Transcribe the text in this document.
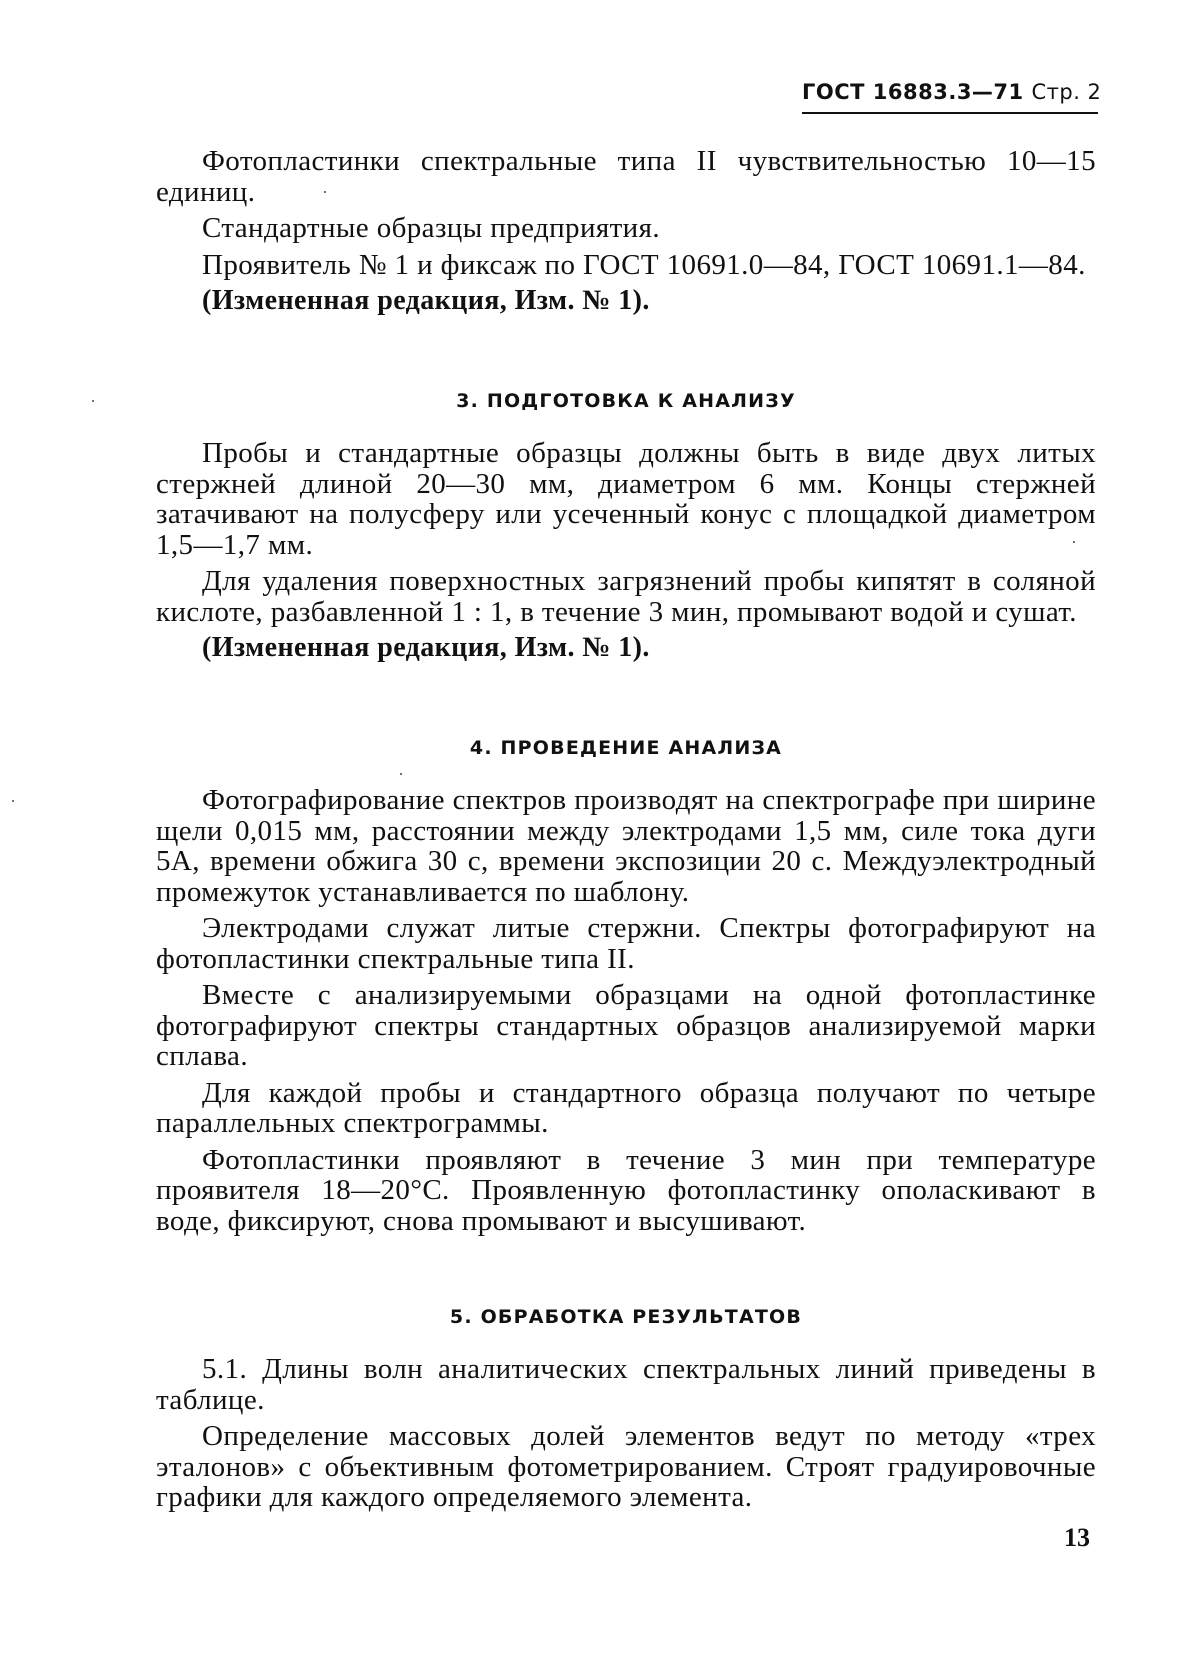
ГОСТ 16883.3—71 Стр. 2

Фотопластинки спектральные типа II чувствительностью 10—15 единиц.

Стандартные образцы предприятия.

Проявитель № 1 и фиксаж по ГОСТ 10691.0—84, ГОСТ 10691.1—84.

(Измененная редакция, Изм. № 1).

3. ПОДГОТОВКА К АНАЛИЗУ

Пробы и стандартные образцы должны быть в виде двух литых стержней длиной 20—30 мм, диаметром 6 мм. Концы стержней затачивают на полусферу или усеченный конус с площадкой диаметром 1,5—1,7 мм.

Для удаления поверхностных загрязнений пробы кипятят в соляной кислоте, разбавленной 1 : 1, в течение 3 мин, промывают водой и сушат.

(Измененная редакция, Изм. № 1).

4. ПРОВЕДЕНИЕ АНАЛИЗА

Фотографирование спектров производят на спектрографе при ширине щели 0,015 мм, расстоянии между электродами 1,5 мм, силе тока дуги 5А, времени обжига 30 с, времени экспозиции 20 с. Междуэлектродный промежуток устанавливается по шаблону.

Электродами служат литые стержни. Спектры фотографируют на фотопластинки спектральные типа II.

Вместе с анализируемыми образцами на одной фотопластинке фотографируют спектры стандартных образцов анализируемой марки сплава.

Для каждой пробы и стандартного образца получают по четыре параллельных спектрограммы.

Фотопластинки проявляют в течение 3 мин при температуре проявителя 18—20°С. Проявленную фотопластинку ополаскивают в воде, фиксируют, снова промывают и высушивают.

5. ОБРАБОТКА РЕЗУЛЬТАТОВ

5.1. Длины волн аналитических спектральных линий приведены в таблице.

Определение массовых долей элементов ведут по методу «трех эталонов» с объективным фотометрированием. Строят градуировочные графики для каждого определяемого элемента.

13
